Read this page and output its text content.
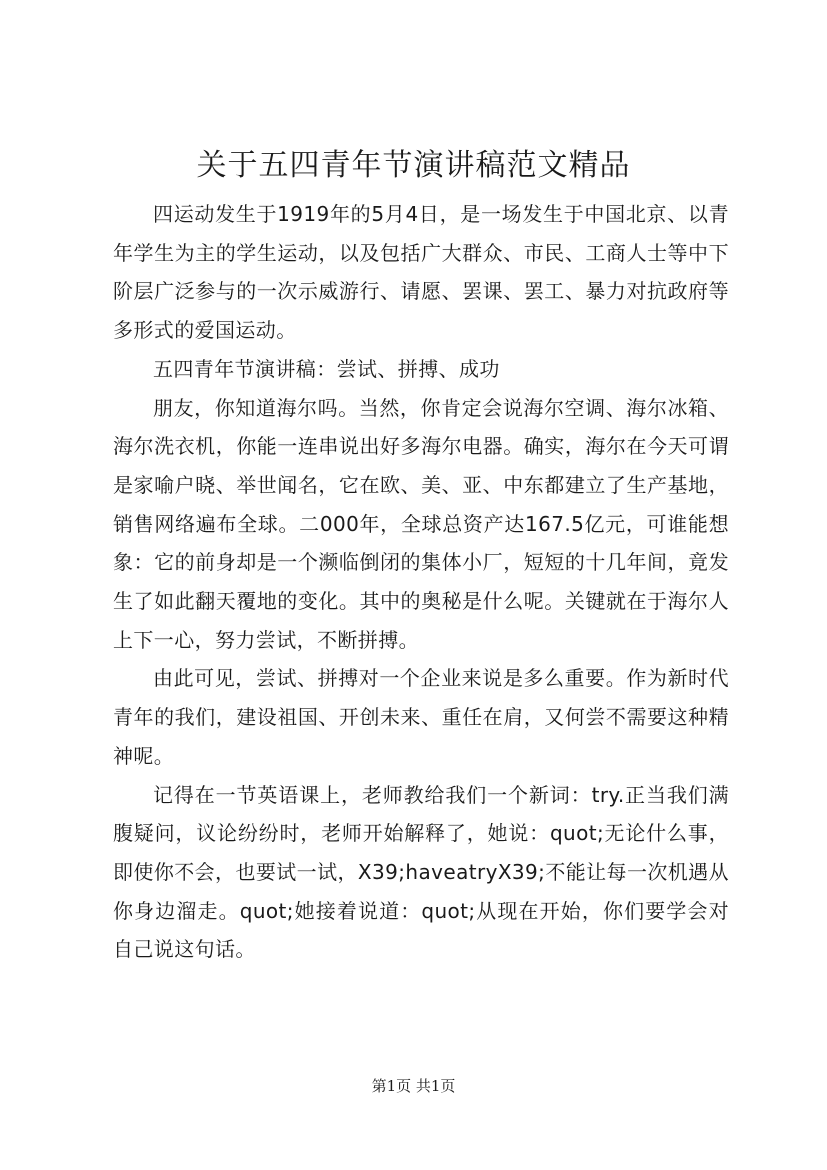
关于五四青年节演讲稿范文精品

四运动发生于1919年的5月4日，是一场发生于中国北京、以青年学生为主的学生运动，以及包括广大群众、市民、工商人士等中下阶层广泛参与的一次示威游行、请愿、罢课、罢工、暴力对抗政府等多形式的爱国运动。

五四青年节演讲稿：尝试、拼搏、成功

朋友，你知道海尔吗。当然，你肯定会说海尔空调、海尔冰箱、海尔洗衣机，你能一连串说出好多海尔电器。确实，海尔在今天可谓是家喻户晓、举世闻名，它在欧、美、亚、中东都建立了生产基地，销售网络遍布全球。二000年，全球总资产达167.5亿元，可谁能想象：它的前身却是一个濒临倒闭的集体小厂，短短的十几年间，竟发生了如此翻天覆地的变化。其中的奥秘是什么呢。关键就在于海尔人上下一心，努力尝试，不断拼搏。

由此可见，尝试、拼搏对一个企业来说是多么重要。作为新时代青年的我们，建设祖国、开创未来、重任在肩，又何尝不需要这种精神呢。

记得在一节英语课上，老师教给我们一个新词：try.正当我们满腹疑问，议论纷纷时，老师开始解释了，她说：quot;无论什么事，即使你不会，也要试一试，X39;haveatryX39;不能让每一次机遇从你身边溜走。quot;她接着说道：quot;从现在开始，你们要学会对自己说这句话。

第1页 共1页
